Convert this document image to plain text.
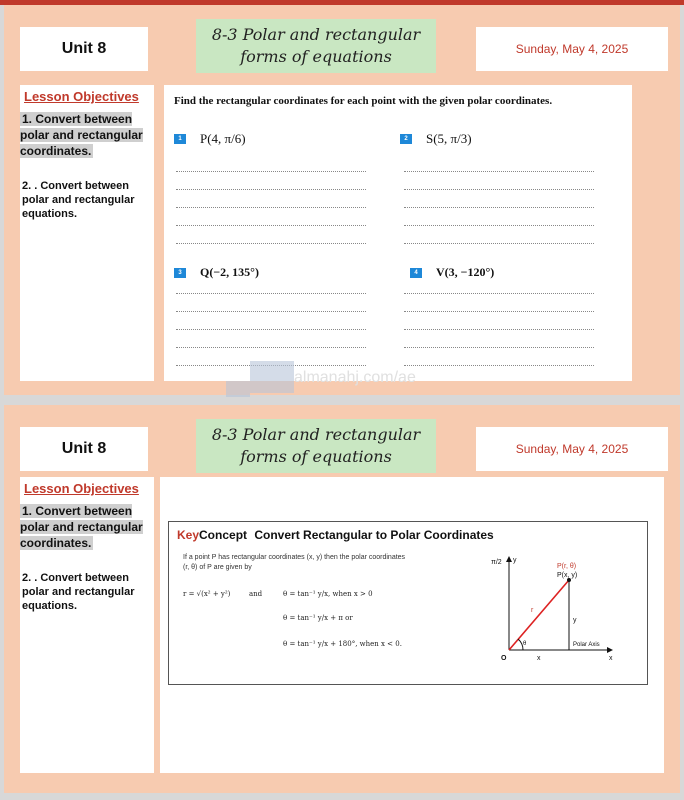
Unit 8
8-3 Polar and rectangular
forms of equations	Sunday, May 4, 2025
Lesson Objectives
1. Convert between polar and rectangular coordinates.
2. . Convert between polar and rectangular equations.
Find the rectangular coordinates for each point with the given polar coordinates.
1	P(4, π/6)	2	S(5, π/3)
3	Q(−2, 135°)	4	V(3, −120°)
almanahj.com/ae
Unit 8
8-3 Polar and rectangular
forms of equations	Sunday, May 4, 2025
Lesson Objectives
1. Convert between polar and rectangular coordinates.
2. . Convert between polar and rectangular equations.
KeyConcept Convert Rectangular to Polar Coordinates
If a point P has rectangular coordinates (x, y) then the polar coordinates
(r, θ) of P are given by
r = √(x² + y²)	and	θ = tan⁻¹ y/x, when x > 0
θ = tan⁻¹ y/x + π or
θ = tan⁻¹ y/x + 180°, when x < 0.
π/2 y
P(r, θ)
P(x, y)
r
θ
y
Polar Axis
O	x	x
